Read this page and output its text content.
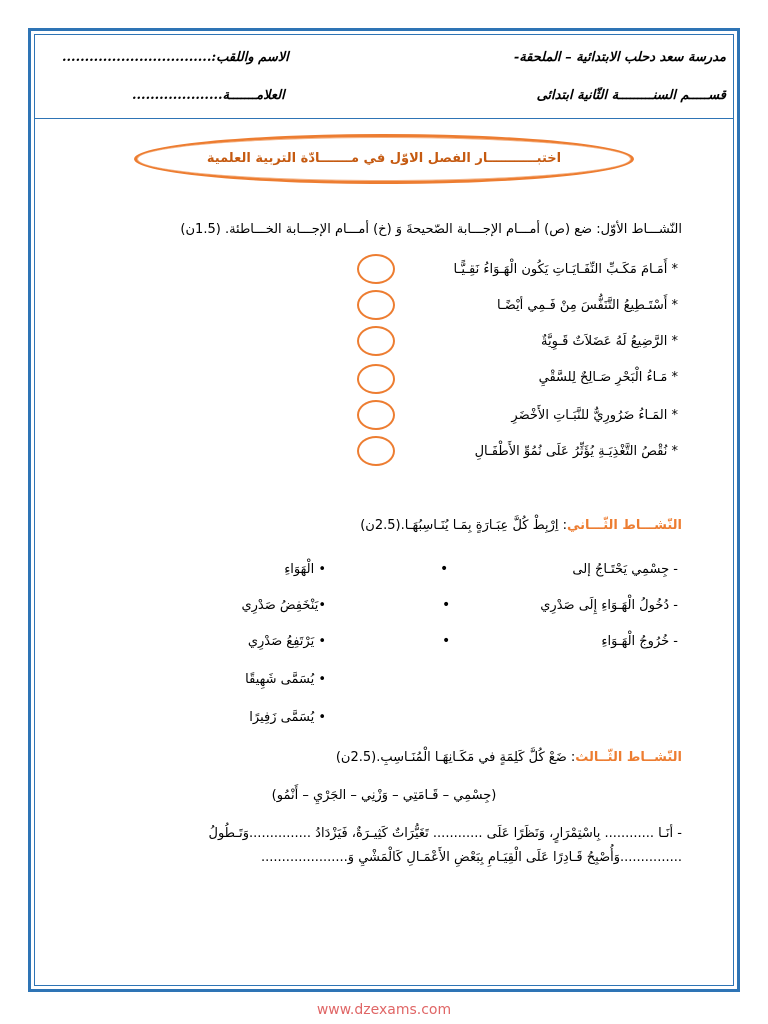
مدرسة سعد دحلب الابتدائية – الملحقة-
قســـــم السنـــــــــة الثّانية ابتدائى
الاسم واللقب:.................................
العلامـــــــة....................
اختبـــــــــــار الفصل الاوّل في مـــــــادّة التربية العلمية
النّشـــاط الأوّل: ضع (ص) أمـــام الإجـــابة الصّحيحةَ وَ (خ) أمـــام الإجـــابة الخـــاطئة. (1.5ن)
* أَمَـامَ مَكَـبِّ النِّفَـايَـاتِ يَكُون الْهَـوَاءُ نَقِـيًّـا
* أَسْتَـطِيعُ التَّنَفُّسَ مِنْ فَـمِي أيْضًـا
* الرَّضِيعُ لَهُ عَضَلاَتٌ قَـوِيَّةٌ
* مَـاءُ الْبَحْرِ صَـالِحٌ لِلسَّقْيِ
* المَـاءُ ضَرُورِيٌّ للنَّبَـاتِ الأَخْضَرِ
* نُقْصُ التَّغْذِيَـةِ يُؤَثِّرُ عَلَى نُمُوِّ الأَطْفَـالِ
النّشـــاط الثّـــاني: اِرْبِطْ كُلَّ عِبَـارَةٍ بِمَـا يُنَـاسِبُهَـا.(2.5ن)
- جِسْمِي يَحْتَـاجُ إلى
- دُخُولُ الْهَـوَاءِ إِلَى صَدْرِي
- خُرُوجُ الْهَـوَاءِ
•
•
•
• الْهَوَاءِ
•يَنْخَفِضُ صَدْرِي
• يَرْتَفِعُ صَدْرِي
• يُسَمَّى شَهِيقًا
• يُسَمَّى زَفِيرًا
النّشــاط الثّــالث: ضَعْ كُلَّ كَلِمَةٍ في مَكَـانِهَـا الْمُنَـاسِبِ.(2.5ن)
(جِسْمِي – قَـامَتِي – وَزْنِي – الجَرْيِ – أَنْمُو)
- أنَـا ............ بِاسْتِمْرَارٍ، وَنَظَرًا عَلَى ............ تَغَيُّرَاتٌ كَثِيـرَةٌ، فَيَزْدَادُ ...............وَتَـطُولُ
...............وَأُصْبِحُ قَـادِرًا عَلَى الْقِيَـامِ بِبَعْضِ الأَعْمَـالِ كَالْمَشْيِ وَ.....................
www.dzexams.com
